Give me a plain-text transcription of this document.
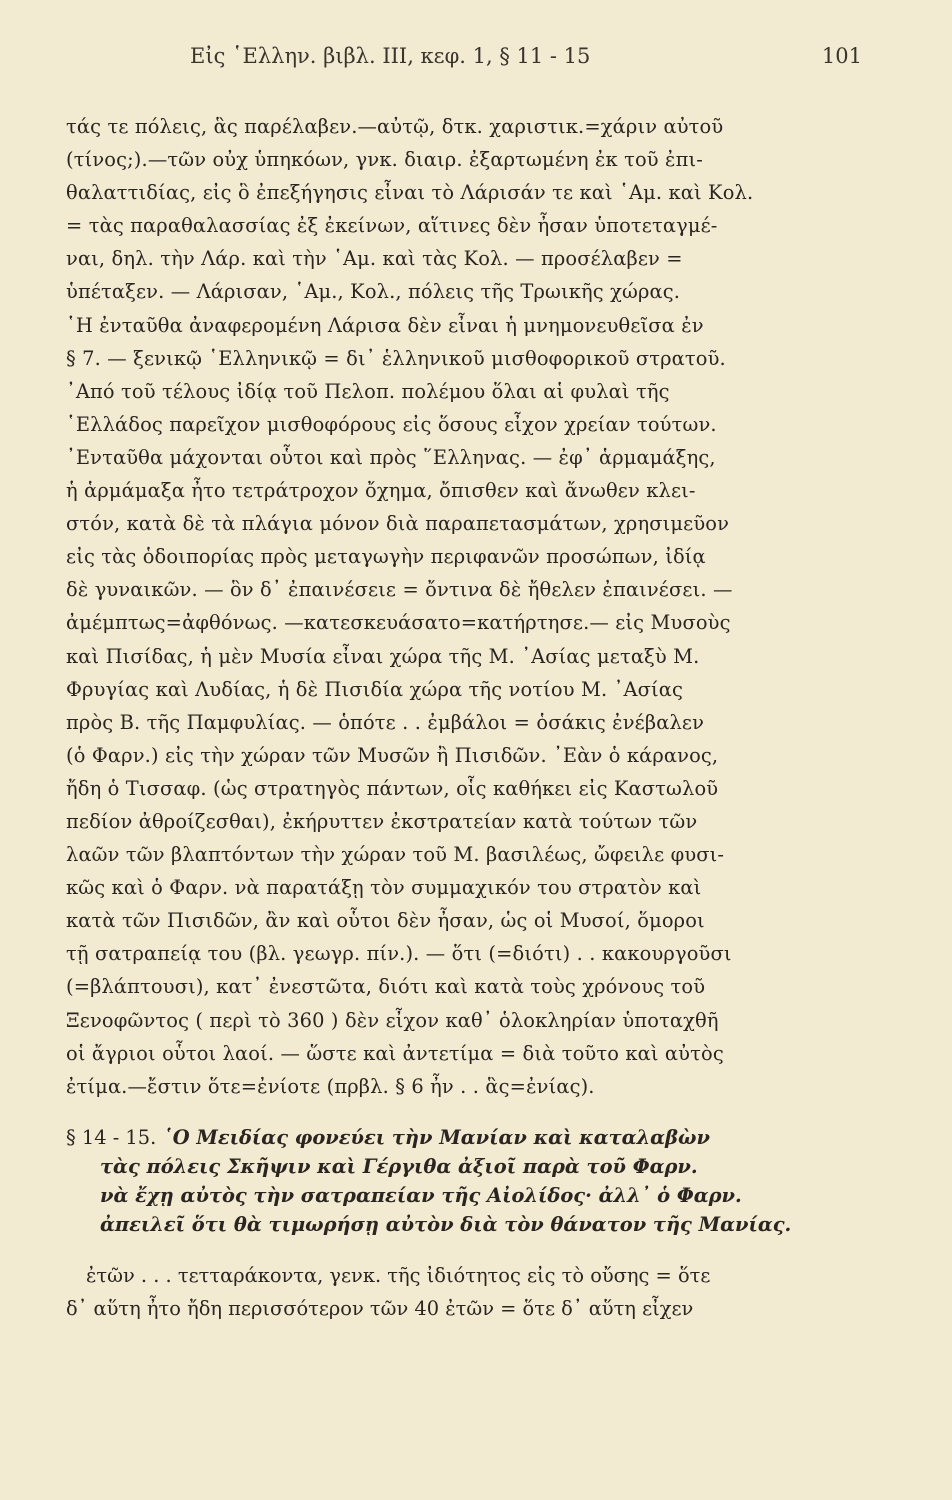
Εἰς ῾Ελλην. βιβλ. ΙΙΙ, κεφ. 1, § 11 - 15	101
τάς τε πόλεις, ἃς παρέλαβεν.—αὐτῷ, δτκ. χαριστικ.=χάριν αὐτοῦ
(τίνος;).—τῶν οὐχ ὑπηκόων, γνκ. διαιρ. ἐξαρτωμένη ἐκ τοῦ ἐπι-
θαλαττιδίας, εἰς ὃ ἐπεξήγησις εἶναι τὸ Λάρισάν τε καὶ ῾Αμ. καὶ Κολ.
= τὰς παραθαλασσίας ἐξ ἐκείνων, αἵτινες δὲν ἦσαν ὑποτεταγμέ-
ναι, δηλ. τὴν Λάρ. καὶ τὴν ῾Αμ. καὶ τὰς Κολ. — προσέλαβεν =
ὑπέταξεν. — Λάρισαν, ῾Αμ., Κολ., πόλεις τῆς Τρωικῆς χώρας.
῾Η ἐνταῦθα ἀναφερομένη Λάρισα δὲν εἶναι ἡ μνημονευθεῖσα ἐν
§ 7. — ξενικῷ ῾Ελληνικῷ = δι᾽ ἑλληνικοῦ μισθοφορικοῦ στρατοῦ.
᾽Από τοῦ τέλους ἰδίᾳ τοῦ Πελοπ. πολέμου ὅλαι αἱ φυλαὶ τῆς
῾Ελλάδος παρεῖχον μισθοφόρους εἰς ὅσους εἶχον χρείαν τούτων.
᾽Ενταῦθα μάχονται οὗτοι καὶ πρὸς ῞Ελληνας. — ἐφ᾽ ἁρμαμάξης,
ἡ ἁρμάμαξα ἦτο τετράτροχον ὄχημα, ὄπισθεν καὶ ἄνωθεν κλει-
στόν, κατὰ δὲ τὰ πλάγια μόνον διὰ παραπετασμάτων, χρησιμεῦον
εἰς τὰς ὁδοιπορίας πρὸς μεταγωγὴν περιφανῶν προσώπων, ἰδίᾳ
δὲ γυναικῶν. — ὃν δ᾽ ἐπαινέσειε = ὄντινα δὲ ἤθελεν ἐπαινέσει. —
ἀμέμπτως=ἀφθόνως. —κατεσκευάσατο=κατήρτησε.— εἰς Μυσοὺς
καὶ Πισίδας, ἡ μὲν Μυσία εἶναι χώρα τῆς Μ. ᾽Ασίας μεταξὺ Μ.
Φρυγίας καὶ Λυδίας, ἡ δὲ Πισιδία χώρα τῆς νοτίου Μ. ᾽Ασίας
πρὸς Β. τῆς Παμφυλίας. — ὁπότε . . ἐμβάλοι = ὁσάκις ἐνέβαλεν
(ὁ Φαρν.) εἰς τὴν χώραν τῶν Μυσῶν ἢ Πισιδῶν. ᾽Εὰν ὁ κάρανος,
ἤδη ὁ Τισσαφ. (ὡς στρατηγὸς πάντων, οἷς καθήκει εἰς Καστωλοῦ
πεδίον ἀθροίζεσθαι), ἐκήρυττεν ἐκστρατείαν κατὰ τούτων τῶν
λαῶν τῶν βλαπτόντων τὴν χώραν τοῦ Μ. βασιλέως, ὤφειλε φυσι-
κῶς καὶ ὁ Φαρν. νὰ παρατάξῃ τὸν συμμαχικόν του στρατὸν καὶ
κατὰ τῶν Πισιδῶν, ἂν καὶ οὗτοι δὲν ἦσαν, ὡς οἱ Μυσοί, ὅμοροι
τῇ σατραπείᾳ του (βλ. γεωγρ. πίν.). — ὅτι (=διότι) . . κακουργοῦσι
(=βλάπτουσι), κατ᾽ ἐνεστῶτα, διότι καὶ κατὰ τοὺς χρόνους τοῦ
Ξενοφῶντος ( περὶ τὸ 360 ) δὲν εἶχον καθ᾽ ὁλοκληρίαν ὑποταχθῆ
οἱ ἄγριοι οὗτοι λαοί. — ὥστε καὶ ἀντετίμα = διὰ τοῦτο καὶ αὐτὸς
ἐτίμα.—ἔστιν ὅτε=ἐνίοτε (πρβλ. § 6 ἦν . . ἃς=ἐνίας).
§ 14 - 15. ῾Ο Μειδίας φονεύει τὴν Μανίαν καὶ καταλαβὼν
τὰς πόλεις Σκῆψιν καὶ Γέργιθα ἀξιοῖ παρὰ τοῦ Φαρν.
νὰ ἔχῃ αὐτὸς τὴν σατραπείαν τῆς Αἰολίδος· ἀλλ᾽ ὁ Φαρν.
ἀπειλεῖ ὅτι θὰ τιμωρήσῃ αὐτὸν διὰ τὸν θάνατον τῆς Μανίας.
ἐτῶν . . . τετταράκοντα, γενκ. τῆς ἰδιότητος εἰς τὸ οὔσης = ὅτε
δ᾽ αὕτη ἦτο ἤδη περισσότερον τῶν 40 ἐτῶν = ὅτε δ᾽ αὕτη εἶχεν
